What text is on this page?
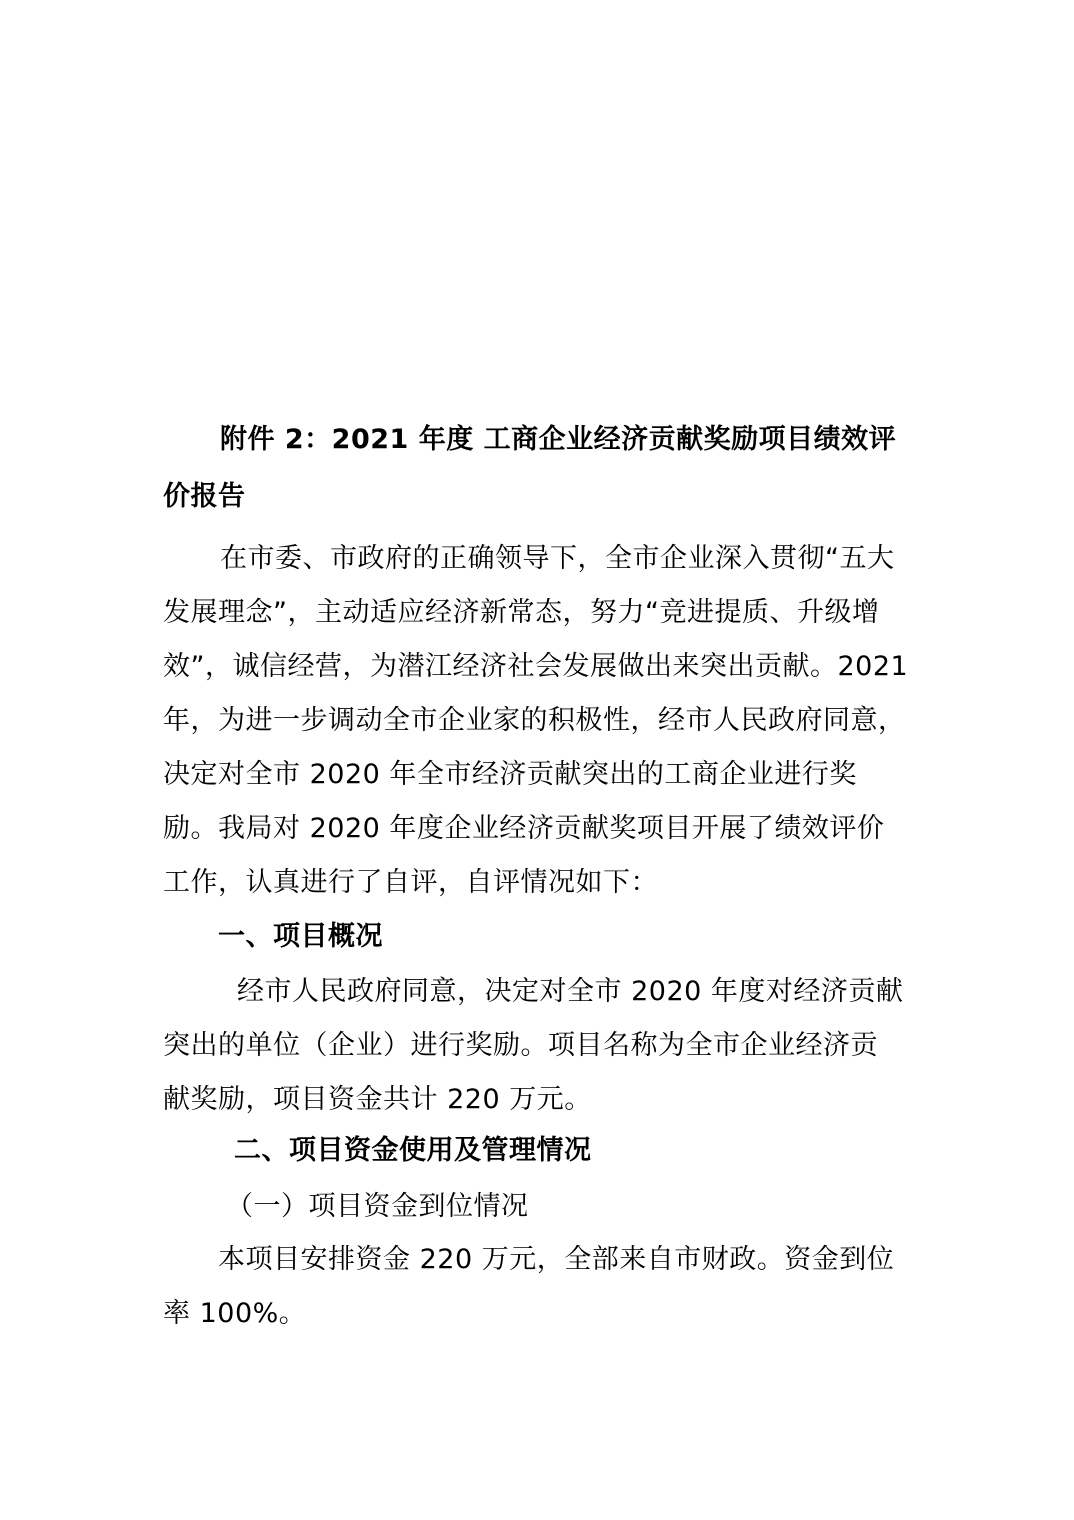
附件 2：2021 年度 工商企业经济贡献奖励项目绩效评

价报告

在市委、市政府的正确领导下，全市企业深入贯彻“五大

发展理念”，主动适应经济新常态，努力“竞进提质、升级增

效”，诚信经营，为潜江经济社会发展做出来突出贡献。2021

年，为进一步调动全市企业家的积极性，经市人民政府同意，

决定对全市 2020 年全市经济贡献突出的工商企业进行奖

励。我局对 2020 年度企业经济贡献奖项目开展了绩效评价

工作，认真进行了自评，自评情况如下：

一、项目概况

经市人民政府同意，决定对全市 2020 年度对经济贡献

突出的单位（企业）进行奖励。项目名称为全市企业经济贡

献奖励，项目资金共计 220 万元。

二、项目资金使用及管理情况

（一）项目资金到位情况

本项目安排资金 220 万元，全部来自市财政。资金到位

率 100%。
